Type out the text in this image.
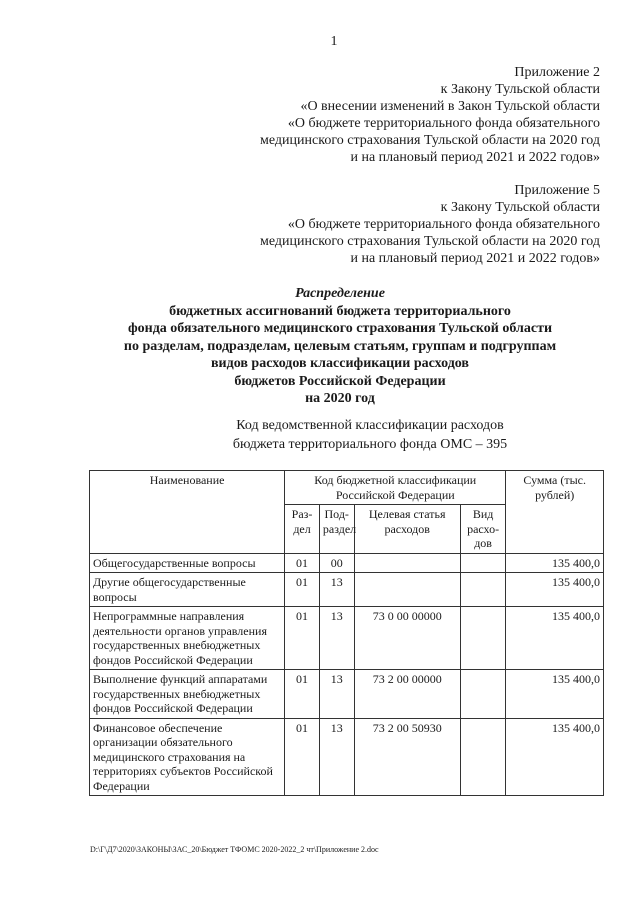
1
Приложение 2
к Закону Тульской области
«О внесении изменений в Закон Тульской области
«О бюджете территориального фонда обязательного
медицинского страхования Тульской области на 2020 год
и на плановый период 2021 и 2022 годов»
Приложение 5
к Закону Тульской области
«О бюджете территориального фонда обязательного
медицинского страхования Тульской области на 2020 год
и на плановый период 2021 и 2022 годов»
Распределение
бюджетных ассигнований бюджета территориального
фонда обязательного медицинского страхования Тульской области
по разделам, подразделам, целевым статьям, группам и подгруппам
видов расходов классификации расходов
бюджетов Российской Федерации
на 2020 год
Код ведомственной классификации расходов
бюджета территориального фонда ОМС – 395
Наименование	Код бюджетной классификации Российской Федерации				Сумма (тыс. рублей)
	Раз-дел	Под-раздел	Целевая статья расходов	Вид расхо-дов	
Общегосударственные вопросы	01	00			135 400,0
Другие общегосударственные вопросы	01	13			135 400,0
Непрограммные направления деятельности органов управления государственных внебюджетных фондов Российской Федерации	01	13	73 0 00 00000		135 400,0
Выполнение функций аппаратами государственных внебюджетных фондов Российской Федерации	01	13	73 2 00 00000		135 400,0
Финансовое обеспечение организации обязательного медицинского страхования на территориях субъектов Российской Федерации	01	13	73 2 00 50930		135 400,0
D:\Г\Д7\2020\ЗАКОНЫ\ЗАС_20\Бюджет ТФОМС 2020-2022_2 чт\Приложение 2.doc
